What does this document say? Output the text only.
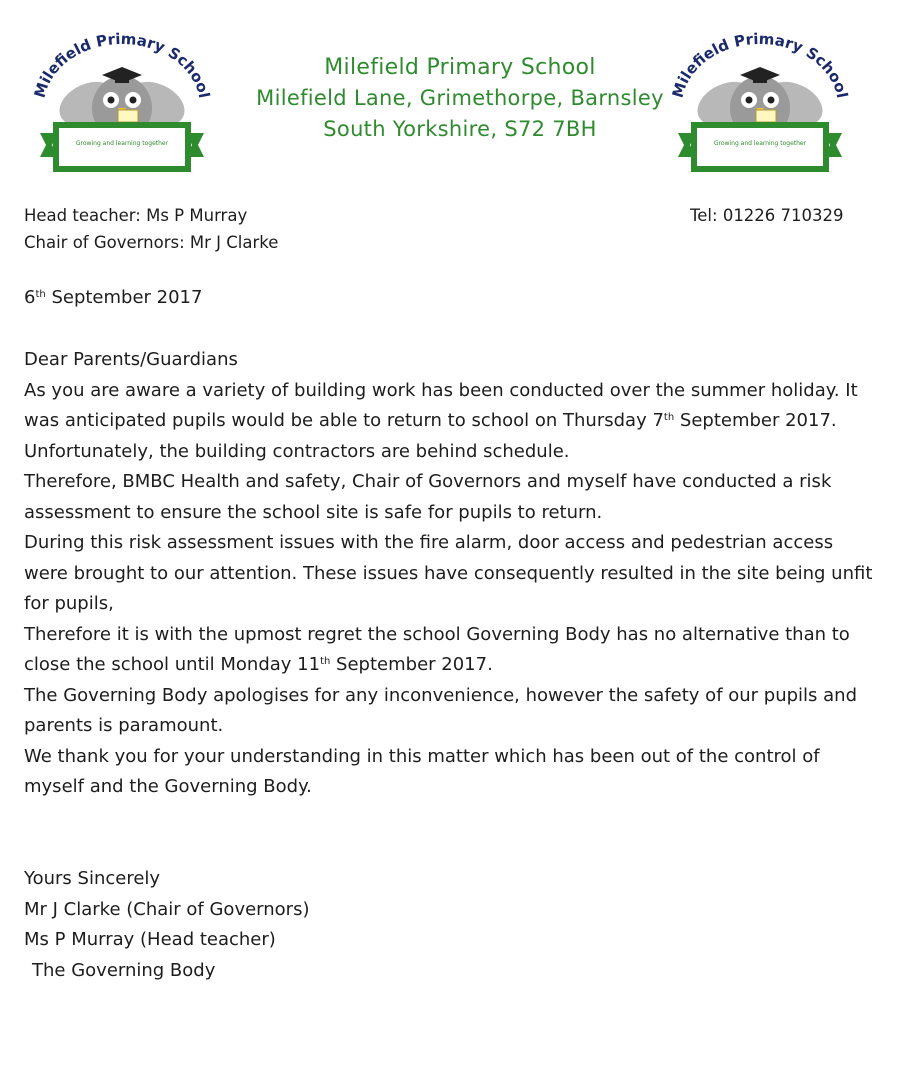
Milefield Primary School
Growing and learning together
Milefield Primary School
Milefield Lane, Grimethorpe, Barnsley
South Yorkshire, S72 7BH
Milefield Primary School
Growing and learning together
Head teacher: Ms P Murray
Chair of Governors: Mr J Clarke
Tel: 01226 710329
6th September 2017

Dear Parents/Guardians

As you are aware a variety of building work has been conducted over the summer holiday. It was anticipated pupils would be able to return to school on Thursday 7th September 2017.

Unfortunately, the building contractors are behind schedule.

Therefore, BMBC Health and safety, Chair of Governors and myself have conducted a risk assessment to ensure the school site is safe for pupils to return.

During this risk assessment issues with the fire alarm, door access and pedestrian access were brought to our attention. These issues have consequently resulted in the site being unfit for pupils,

Therefore it is with the upmost regret the school Governing Body has no alternative than to close the school until Monday 11th September 2017.

The Governing Body apologises for any inconvenience, however the safety of our pupils and parents is paramount.

We thank you for your understanding in this matter which has been out of the control of myself and the Governing Body.

Yours Sincerely

Mr J Clarke (Chair of Governors)

Ms P Murray (Head teacher)

The Governing Body
